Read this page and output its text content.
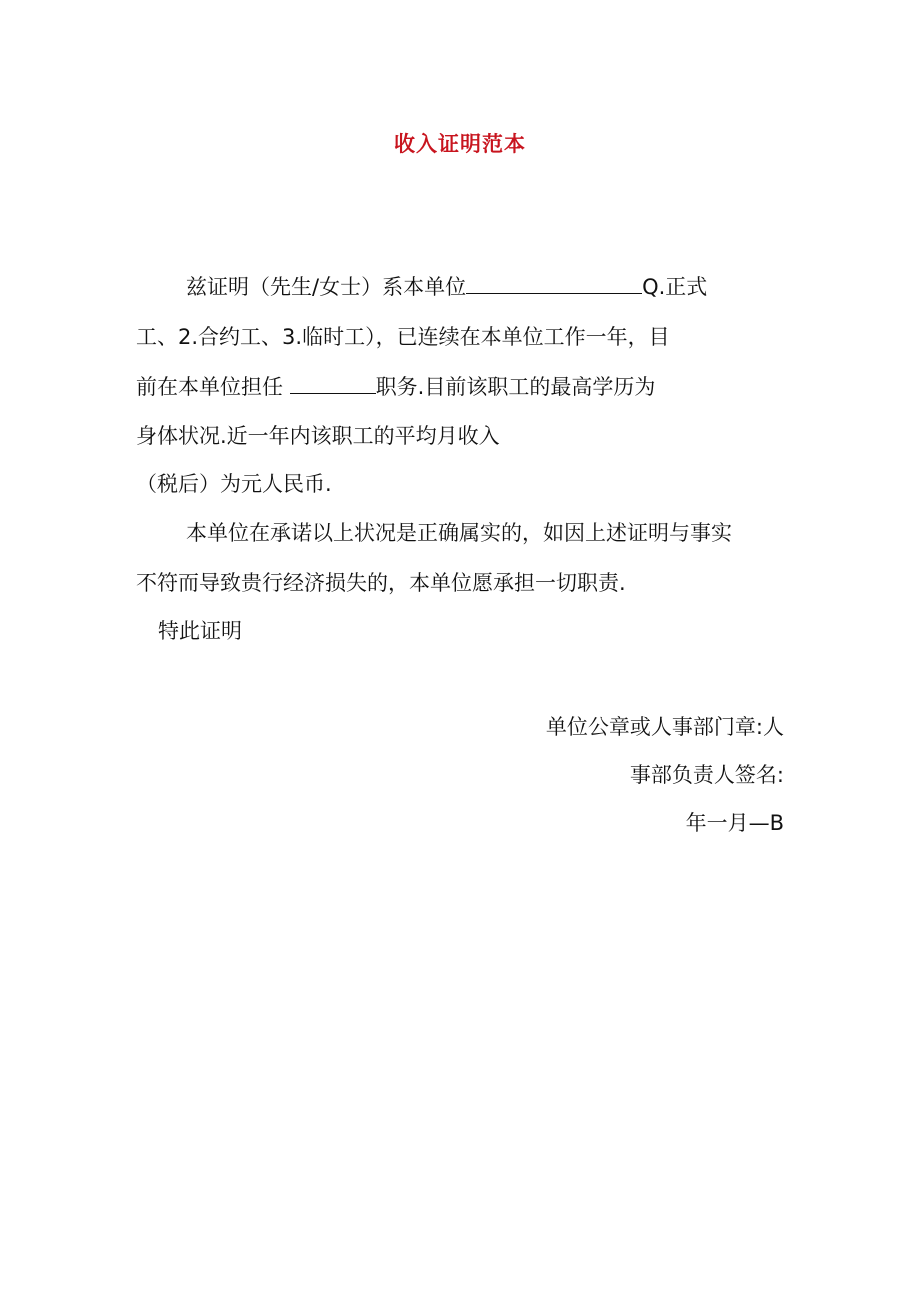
收入证明范本
兹证明（先生/女士）系本单位	Q.正式
工、2.合约工、3.临时工），已连续在本单位工作一年，目
前在本单位担任	职务.目前该职工的最高学历为
身体状况.近一年内该职工的平均月收入
（税后）为元人民币.
本单位在承诺以上状况是正确属实的，如因上述证明与事实
不符而导致贵行经济损失的，本单位愿承担一切职责.
特此证明
单位公章或人事部门章:人
事部负责人签名:
年一月—B
